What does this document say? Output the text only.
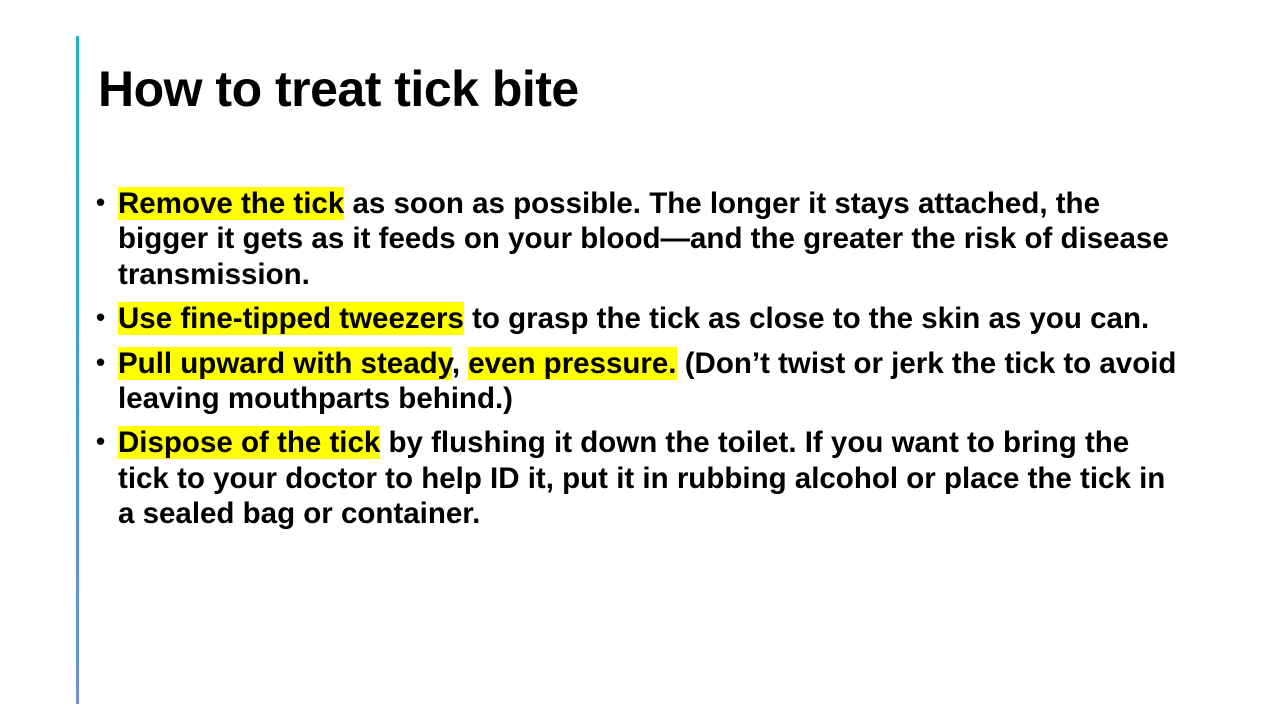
How to treat tick bite
• Remove the tick as soon as possible. The longer it stays attached, the bigger it gets as it feeds on your blood—and the greater the risk of disease transmission.
• Use fine-tipped tweezers to grasp the tick as close to the skin as you can.
• Pull upward with steady, even pressure. (Don’t twist or jerk the tick to avoid leaving mouthparts behind.)
• Dispose of the tick by flushing it down the toilet. If you want to bring the tick to your doctor to help ID it, put it in rubbing alcohol or place the tick in a sealed bag or container.
